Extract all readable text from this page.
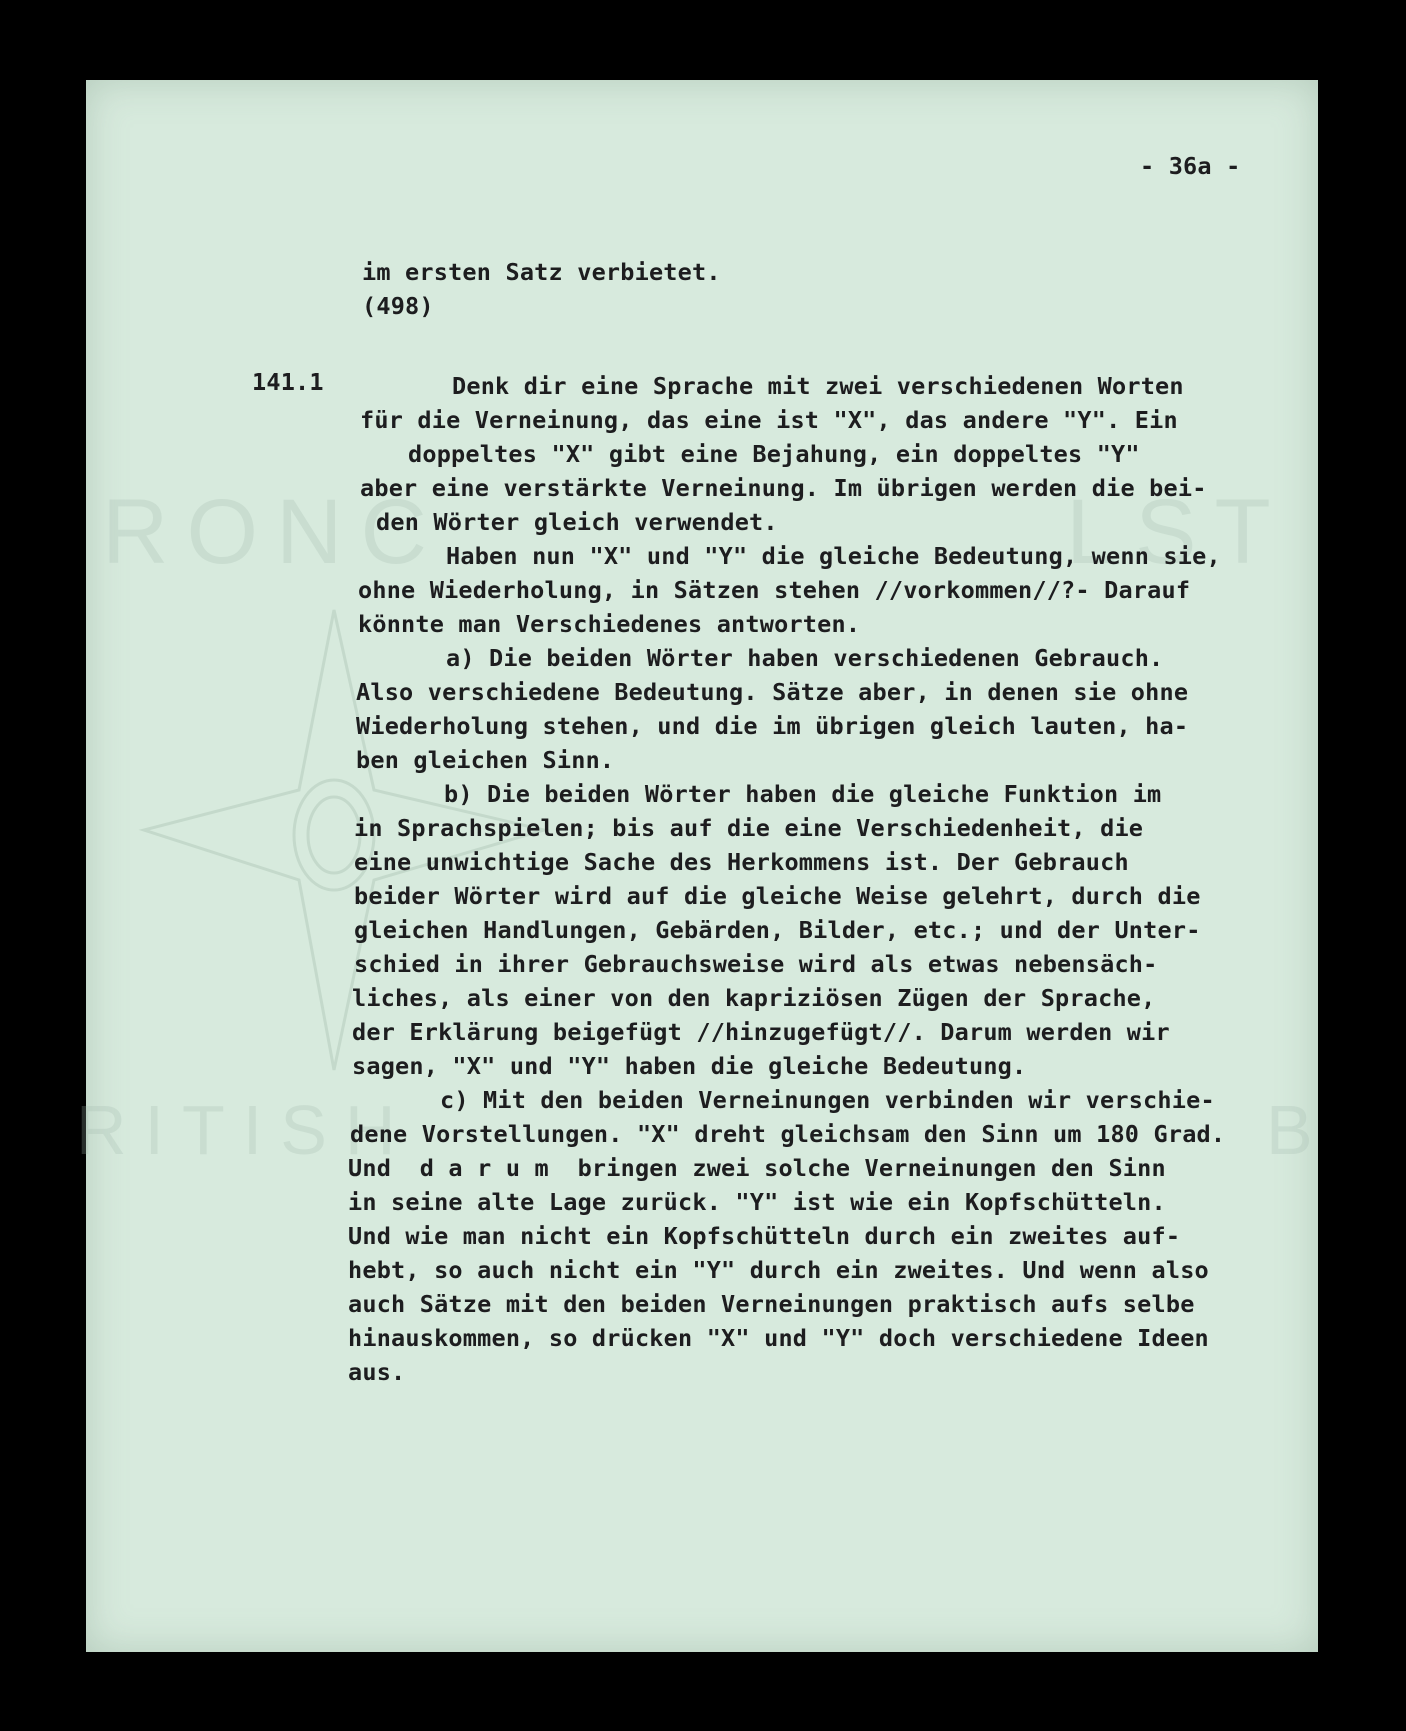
RONC	LST
RITISH	B
- 36a -
im ersten Satz verbietet.
(498)
141.1	Denk dir eine Sprache mit zwei verschiedenen Worten
für die Verneinung, das eine ist "X", das andere "Y". Ein
doppeltes "X" gibt eine Bejahung, ein doppeltes "Y"
aber eine verstärkte Verneinung. Im übrigen werden die bei-
den Wörter gleich verwendet.
Haben nun "X" und "Y" die gleiche Bedeutung, wenn sie,
ohne Wiederholung, in Sätzen stehen //vorkommen//?- Darauf
könnte man Verschiedenes antworten.
a) Die beiden Wörter haben verschiedenen Gebrauch.
Also verschiedene Bedeutung. Sätze aber, in denen sie ohne
Wiederholung stehen, und die im übrigen gleich lauten, ha-
ben gleichen Sinn.
b) Die beiden Wörter haben die gleiche Funktion im
in Sprachspielen; bis auf die eine Verschiedenheit, die
eine unwichtige Sache des Herkommens ist. Der Gebrauch
beider Wörter wird auf die gleiche Weise gelehrt, durch die
gleichen Handlungen, Gebärden, Bilder, etc.; und der Unter-
schied in ihrer Gebrauchsweise wird als etwas nebensäch-
liches, als einer von den kapriziösen Zügen der Sprache,
der Erklärung beigefügt //hinzugefügt//. Darum werden wir
sagen, "X" und "Y" haben die gleiche Bedeutung.
c) Mit den beiden Verneinungen verbinden wir verschie-
dene Vorstellungen. "X" dreht gleichsam den Sinn um 180 Grad.
Und  d a r u m  bringen zwei solche Verneinungen den Sinn
in seine alte Lage zurück. "Y" ist wie ein Kopfschütteln.
Und wie man nicht ein Kopfschütteln durch ein zweites auf-
hebt, so auch nicht ein "Y" durch ein zweites. Und wenn also
auch Sätze mit den beiden Verneinungen praktisch aufs selbe
hinauskommen, so drücken "X" und "Y" doch verschiedene Ideen
aus.
